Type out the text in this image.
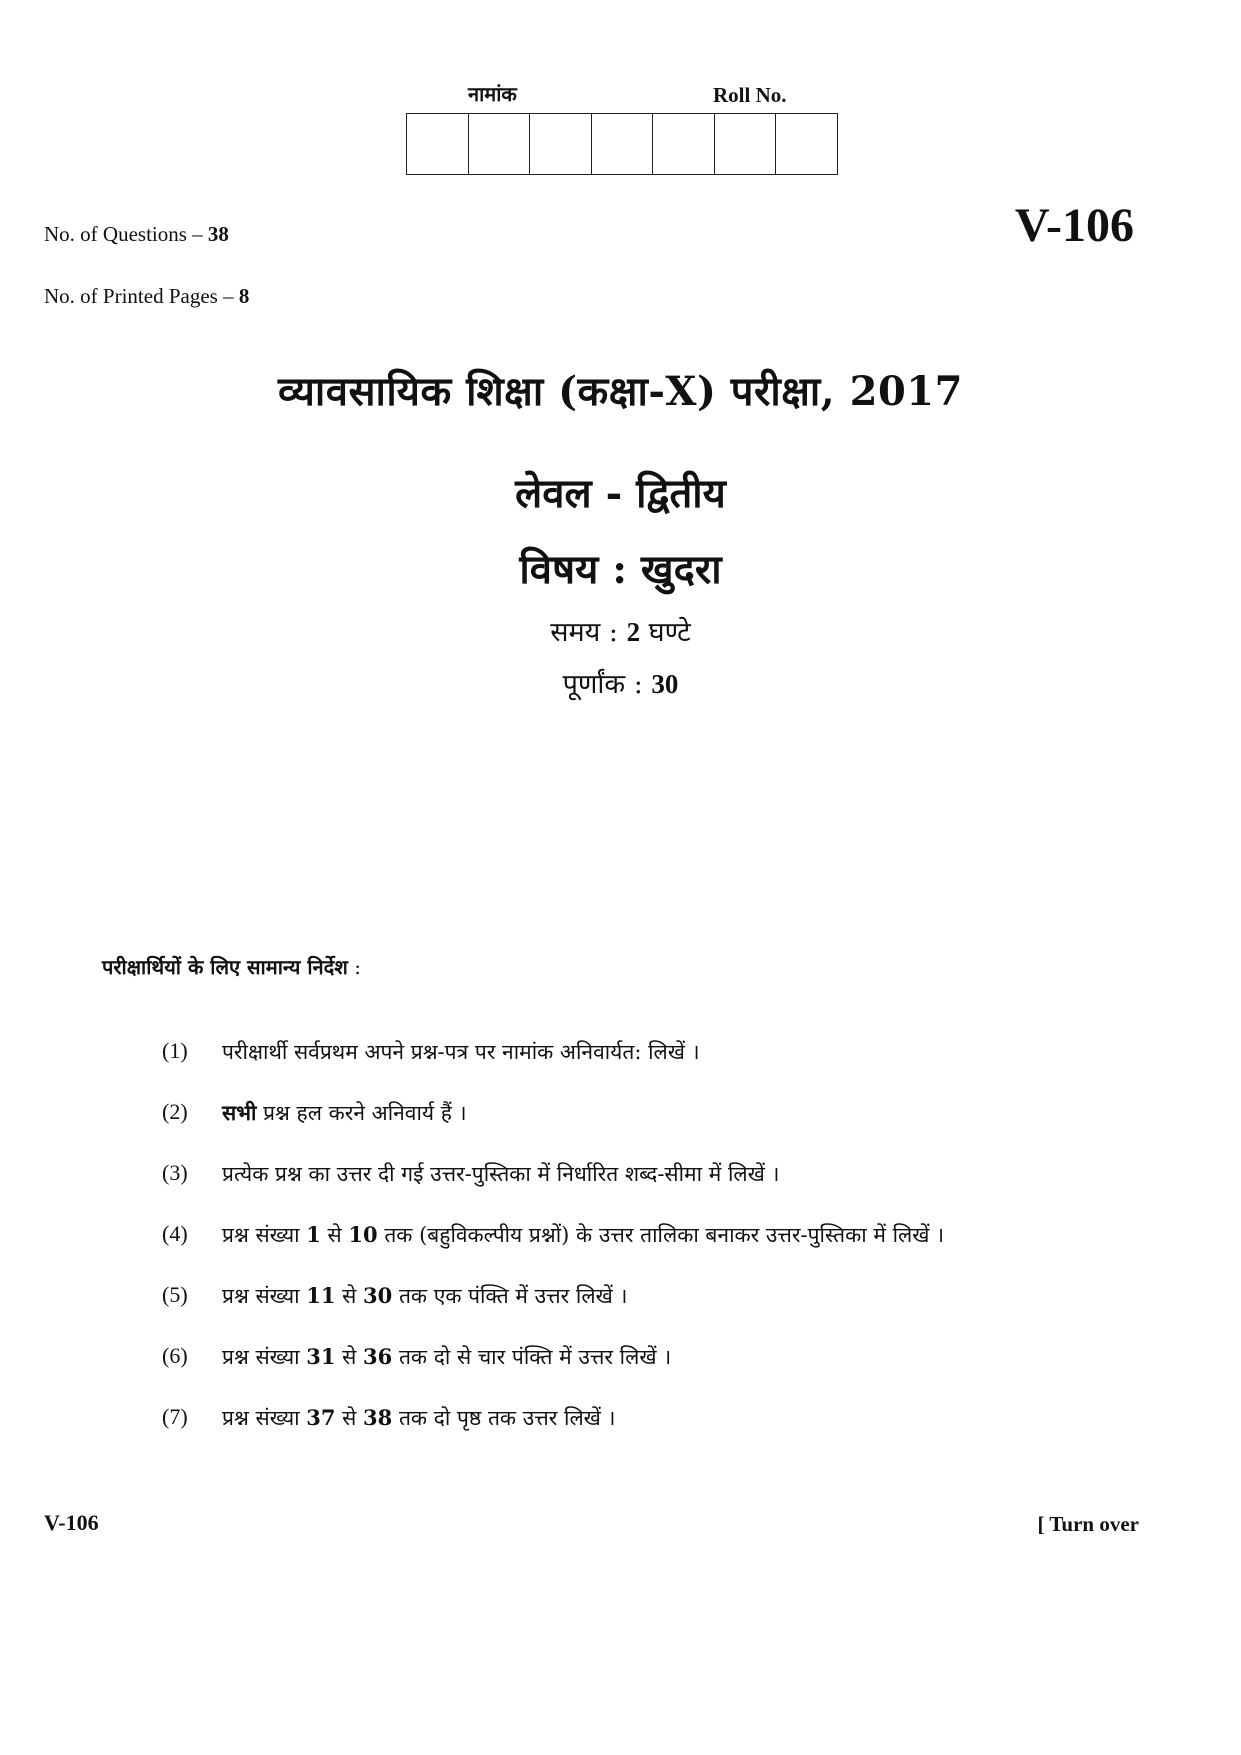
नामांक	Roll No.
No. of Questions – 38
No. of Printed Pages – 8
V-106
व्यावसायिक शिक्षा (कक्षा-X) परीक्षा, 2017
लेवल - द्वितीय
विषय : खुदरा
समय : 2 घण्टे
पूर्णांक : 30
परीक्षार्थियों के लिए सामान्य निर्देश :
(1) परीक्षार्थी सर्वप्रथम अपने प्रश्न-पत्र पर नामांक अनिवार्यत: लिखें ।
(2) सभी प्रश्न हल करने अनिवार्य हैं ।
(3) प्रत्येक प्रश्न का उत्तर दी गई उत्तर-पुस्तिका में निर्धारित शब्द-सीमा में लिखें ।
(4) प्रश्न संख्या 1 से 10 तक (बहुविकल्पीय प्रश्नों) के उत्तर तालिका बनाकर उत्तर-पुस्तिका में लिखें ।
(5) प्रश्न संख्या 11 से 30 तक एक पंक्ति में उत्तर लिखें ।
(6) प्रश्न संख्या 31 से 36 तक दो से चार पंक्ति में उत्तर लिखें ।
(7) प्रश्न संख्या 37 से 38 तक दो पृष्ठ तक उत्तर लिखें ।
V-106	[ Turn over
